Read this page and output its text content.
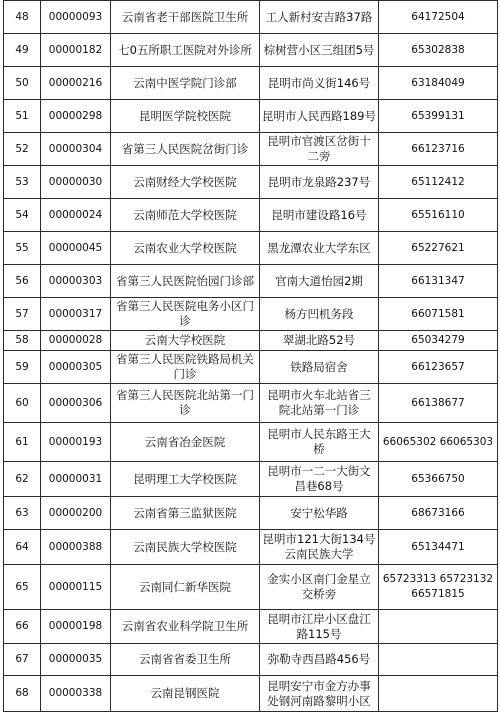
48	00000093	云南省老干部医院卫生所	工人新村安吉路37路	64172504
49	00000182	七0五所职工医院对外诊所	棕树营小区三组团5号	65302838
50	00000216	云南中医学院门诊部	昆明市尚义街146号	63184049
51	00000298	昆明医学院校医院	昆明市人民西路189号	65399131
52	00000304	省第三人民医院岔街门诊	昆明市官渡区岔街十二旁	66123716
53	00000030	云南财经大学校医院	昆明市龙泉路237号	65112412
54	00000024	云南师范大学校医院	昆明市建设路16号	65516110
55	00000045	云南农业大学校医院	黑龙潭农业大学东区	65227621
56	00000303	省第三人民医院怡园门诊部	官南大道怡园2期	66131347
57	00000317	省第三人民医院电务小区门诊	杨方凹机务段	66071581
58	00000028	云南大学校医院	翠湖北路52号	65034279
59	00000305	省第三人民医院铁路局机关门诊	铁路局宿舍	66123657
60	00000306	省第三人民医院北站第一门诊	昆明市火车北站省三院北站第一门诊	66138677
61	00000193	云南省冶金医院	昆明市人民东路王大桥	66065302 66065303
62	00000031	昆明理工大学校医院	昆明市一二一大街文昌巷68号	65366750
63	00000200	云南省第三监狱医院	安宁松华路	68673166
64	00000388	云南民族大学校医院	昆明市121大街134号云南民族大学	65134471
65	00000115	云南同仁新华医院	金实小区南门金星立交桥旁	65723313 65723132 66571815
66	00000198	云南省农业科学院卫生所	昆明市江岸小区盘江路115号	
67	00000035	云南省省委卫生所	弥勒寺西昌路456号	
68	00000338	云南昆钢医院	昆明安宁市金方办事处钢河南路黎明小区	
